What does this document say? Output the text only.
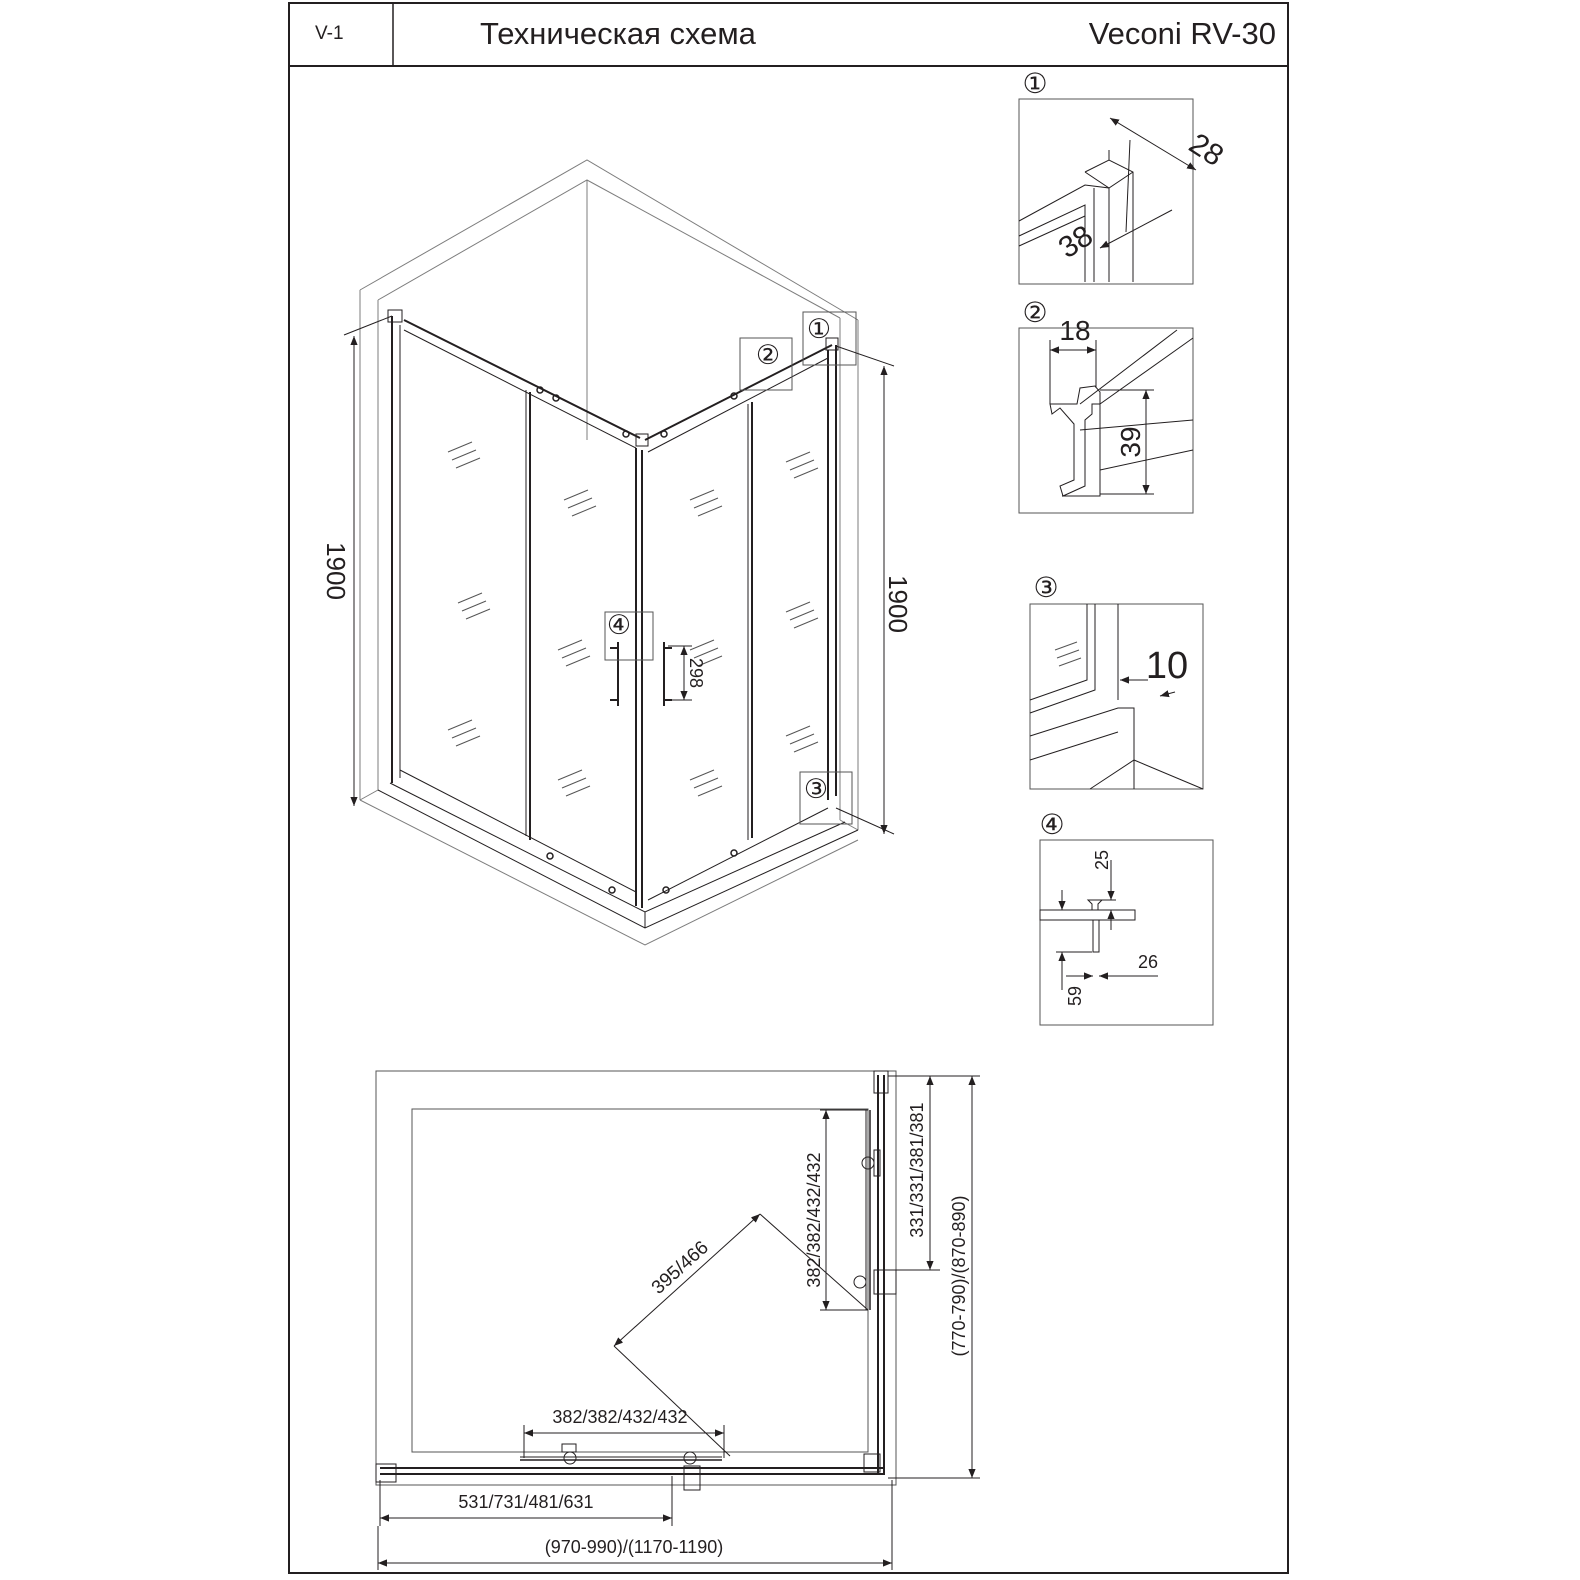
1900
1900
298
①
②
④
③
①
28
38
②
18
39
③
10
④
25
26
59
382/382/432/432
395/466
382/382/432/432
331/331/381/381
(770-790)/(870-890)
531/731/481/631
(970-990)/(1170-1190)
V-1	Техническая схема	Veconi RV-30
